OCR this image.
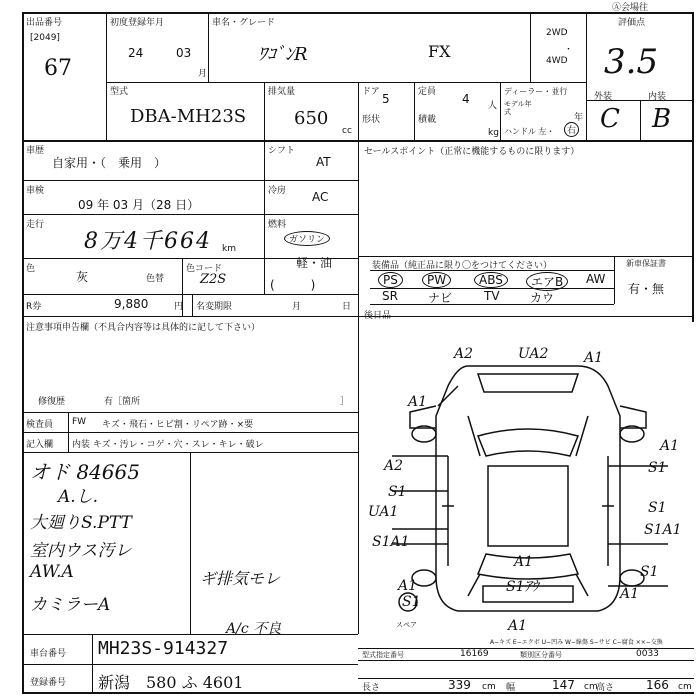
出品番号
[2049]
67
初度登録年月
24	03
月
車名・グレード
ﾜｺﾞﾝR	FX
2WD
・
4WD
評価点
Ⓐ会場往
3.5
外装	内装
C B
型式
DBA-MH23S
排気量
650
cc
ドア 5
形状
定員 4 人
積載
kg
ディーラー・並行
モデル年式
年
ハンドル 左・	右
車歴
自家用・（　乗用　）
シフト
AT
車検
09 年 03 月（28 日）
冷房 AC
走行
8万4千664 km
燃料
ガソリン
軽・油
(　　　)
色
灰	色替
色コード
Z2S
R券	9,880	円 名変期限	月	日
セールスポイント（正常に機能するものに限ります）
装備品（純正品に限り〇をつけてください）	新車保証書
有・無
PS	PW	ABS	エアB	AW
SR	ナビ	TV	カウ
注意事項申告欄（不具合内容等は具体的に記して下さい）
修復歴	有［箇所	］
後日品
検査員 FW キズ・飛石・ヒビ割・リペア跡・×要
記入欄 内装 キズ・汚レ・コゲ・穴・スレ・キレ・破レ
オド 84665
A.し.
大廻りS.PTT
室内ウス汚レ
AW.A
カミラーA
ギ排気モレ
A/c 不良
A2	UA2	A1
A1
A1
S1
A2
S1
UA1	S1
S1A1
S1A1
A1
S1
A1
S1ｱｳ
A1
S1
スペア	A1
車台番号 MH23S-914327
登録番号 新潟　580 ふ 4601
A−キズ E−エクボ U−凹み W−線傷 S−サビ C−腐食 ××−交換
型式指定番号	16169	類別区分番号	0033
長さ	339 cm 幅	147 cm
高さ	166 cm
